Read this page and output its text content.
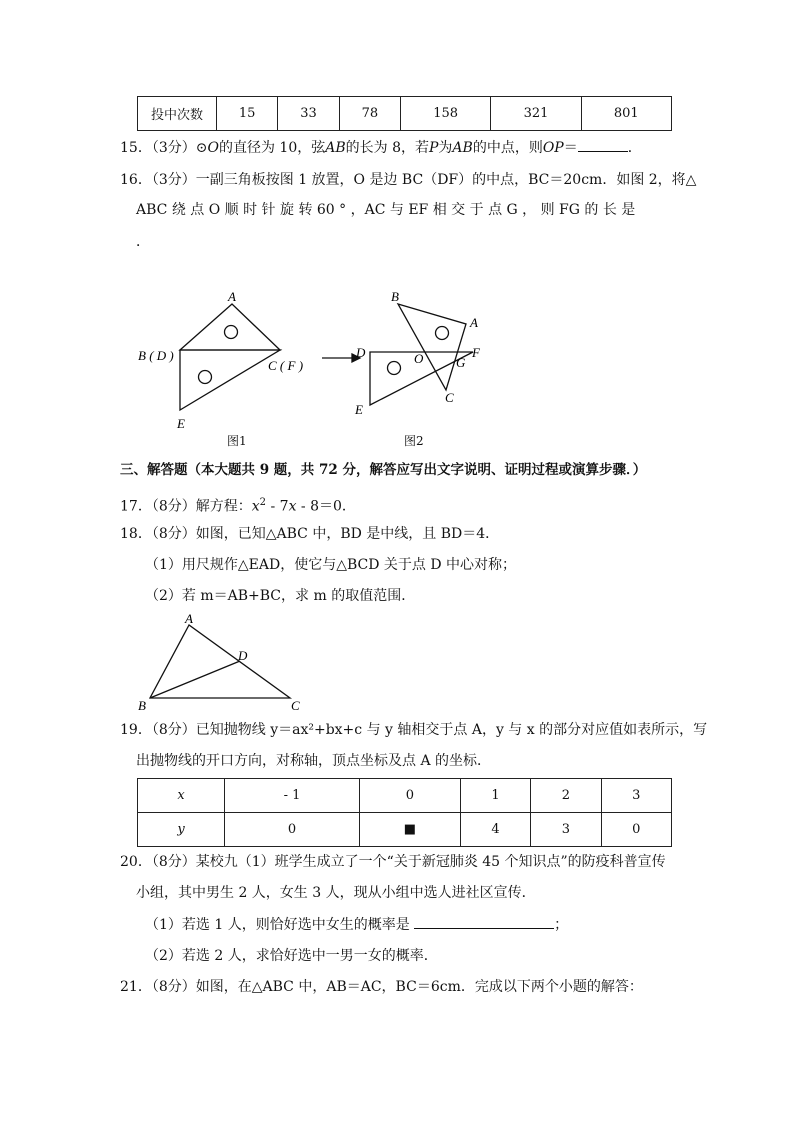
投中次数	15	33	78	158	321	801
15．（3分）⊙O的直径为 10，弦AB的长为 8，若P为AB的中点，则OP＝	．
16．（3分）一副三角板按图 1 放置，O 是边 BC（DF）的中点，BC＝20cm．如图 2，将△
ABC 绕 点 O 顺 时 针 旋 转 60 ° ，AC 与 EF 相 交 于 点 G ， 则 FG 的 长 是
．
A
B ( D )
C ( F )
E
B
A
D	O	F
G
C
E
图1	图2
三、解答题（本大题共 9 题，共 72 分，解答应写出文字说明、证明过程或演算步骤．）
17．（8分）解方程：$x^2 - 7x - 8=0$．
18．（8分）如图，已知△ABC 中，BD 是中线，且 BD＝4．
（1）用尺规作△EAD，使它与△BCD 关于点 D 中心对称；
（2）若 m＝AB+BC，求 m 的取值范围．
A
D
B	C
19．（8分）已知抛物线 y＝ax²+bx+c 与 y 轴相交于点 A，y 与 x 的部分对应值如表所示，写
出抛物线的开口方向，对称轴，顶点坐标及点 A 的坐标．
x	- 1	0	1	2	3
y	0	■	4	3	0
20．（8分）某校九（1）班学生成立了一个“关于新冠肺炎 45 个知识点”的防疫科普宣传
小组，其中男生 2 人，女生 3 人，现从小组中选人进社区宣传．
（1）若选 1 人，则恰好选中女生的概率是	；
（2）若选 2 人，求恰好选中一男一女的概率．
21．（8分）如图，在△ABC 中，AB＝AC，BC＝6cm．完成以下两个小题的解答：
